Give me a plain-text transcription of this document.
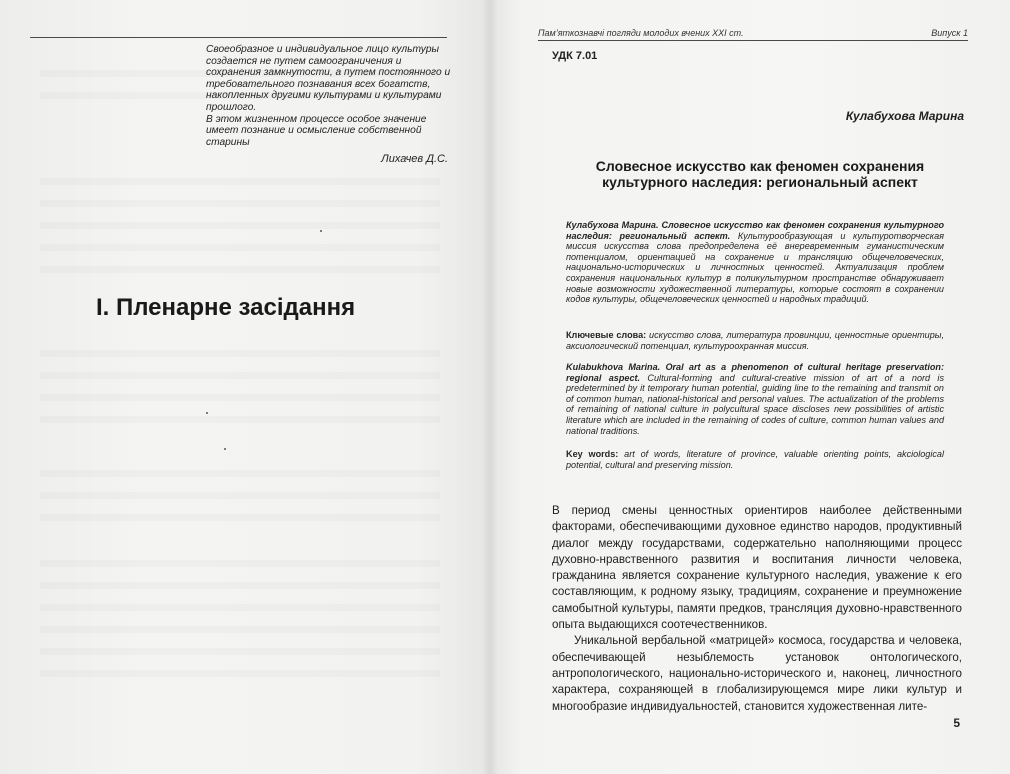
Своеобразное и индивидуальное лицо культуры создается не путем самоограничения и сохранения замкнутости, а путем постоянного и требовательного познавания всех богатств, накопленных другими культурами и культурами прошлого.

В этом жизненном процессе особое значение имеет познание и осмысление собственной старины

Лихачев Д.С.
I. Пленарне засідання
Пам’яткознавчі погляди молодих вчених XXI ст.	Випуск 1
УДК 7.01
Кулабухова Марина
Словесное искусство как феномен сохранения культурного наследия: региональный аспект

Кулабухова Марина. Словесное искусство как феномен сохранения культурного наследия: региональный аспект. Культурообразующая и культуротворческая миссия искусства слова предопределена её внеревременным гуманистическим потенциалом, ориентацией на сохранение и трансляцию общечеловеческих, национально-исторических и личностных ценностей. Актуализация проблем сохранения национальных культур в поликультурном пространстве обнаруживает новые возможности художественной литературы, которые состоят в сохранении кодов культуры, общечеловеческих ценностей и народных традиций.

Ключевые слова: искусство слова, литература провинции, ценностные ориентиры, аксиологический потенциал, культуроохранная миссия.

Kulabukhova Marina. Oral art as a phenomenon of cultural heritage preservation: regional aspect. Cultural-forming and cultural-creative mission of art of a nord is predetermined by it temporary human potential, guiding line to the remaining and transmit on of common human, national-historical and personal values. The actualization of the problems of remaining of national culture in polycultural space discloses new possibilities of artistic literature which are included in the remaining of codes of culture, common human values and national traditions.

Key words: art of words, literature of province, valuable orienting points, akciological potential, cultural and preserving mission.

В период смены ценностных ориентиров наиболее действенными факторами, обеспечивающими духовное единство народов, продуктивный диалог между государствами, содержательно наполняющими процесс духовно-нравственного развития и воспитания личности человека, гражданина является сохранение культурного наследия, уважение к его составляющим, к родному языку, традициям, сохранение и преумножение самобытной культуры, памяти предков, трансляция духовно-нравственного опыта выдающихся соотечественников.

Уникальной вербальной «матрицей» космоса, государства и человека, обеспечивающей незыблемость установок онтологического, антропологического, национально-исторического и, наконец, личностного характера, сохраняющей в глобализирующемся мире лики культур и многообразие индивидуальностей, становится художественная лите-

5
